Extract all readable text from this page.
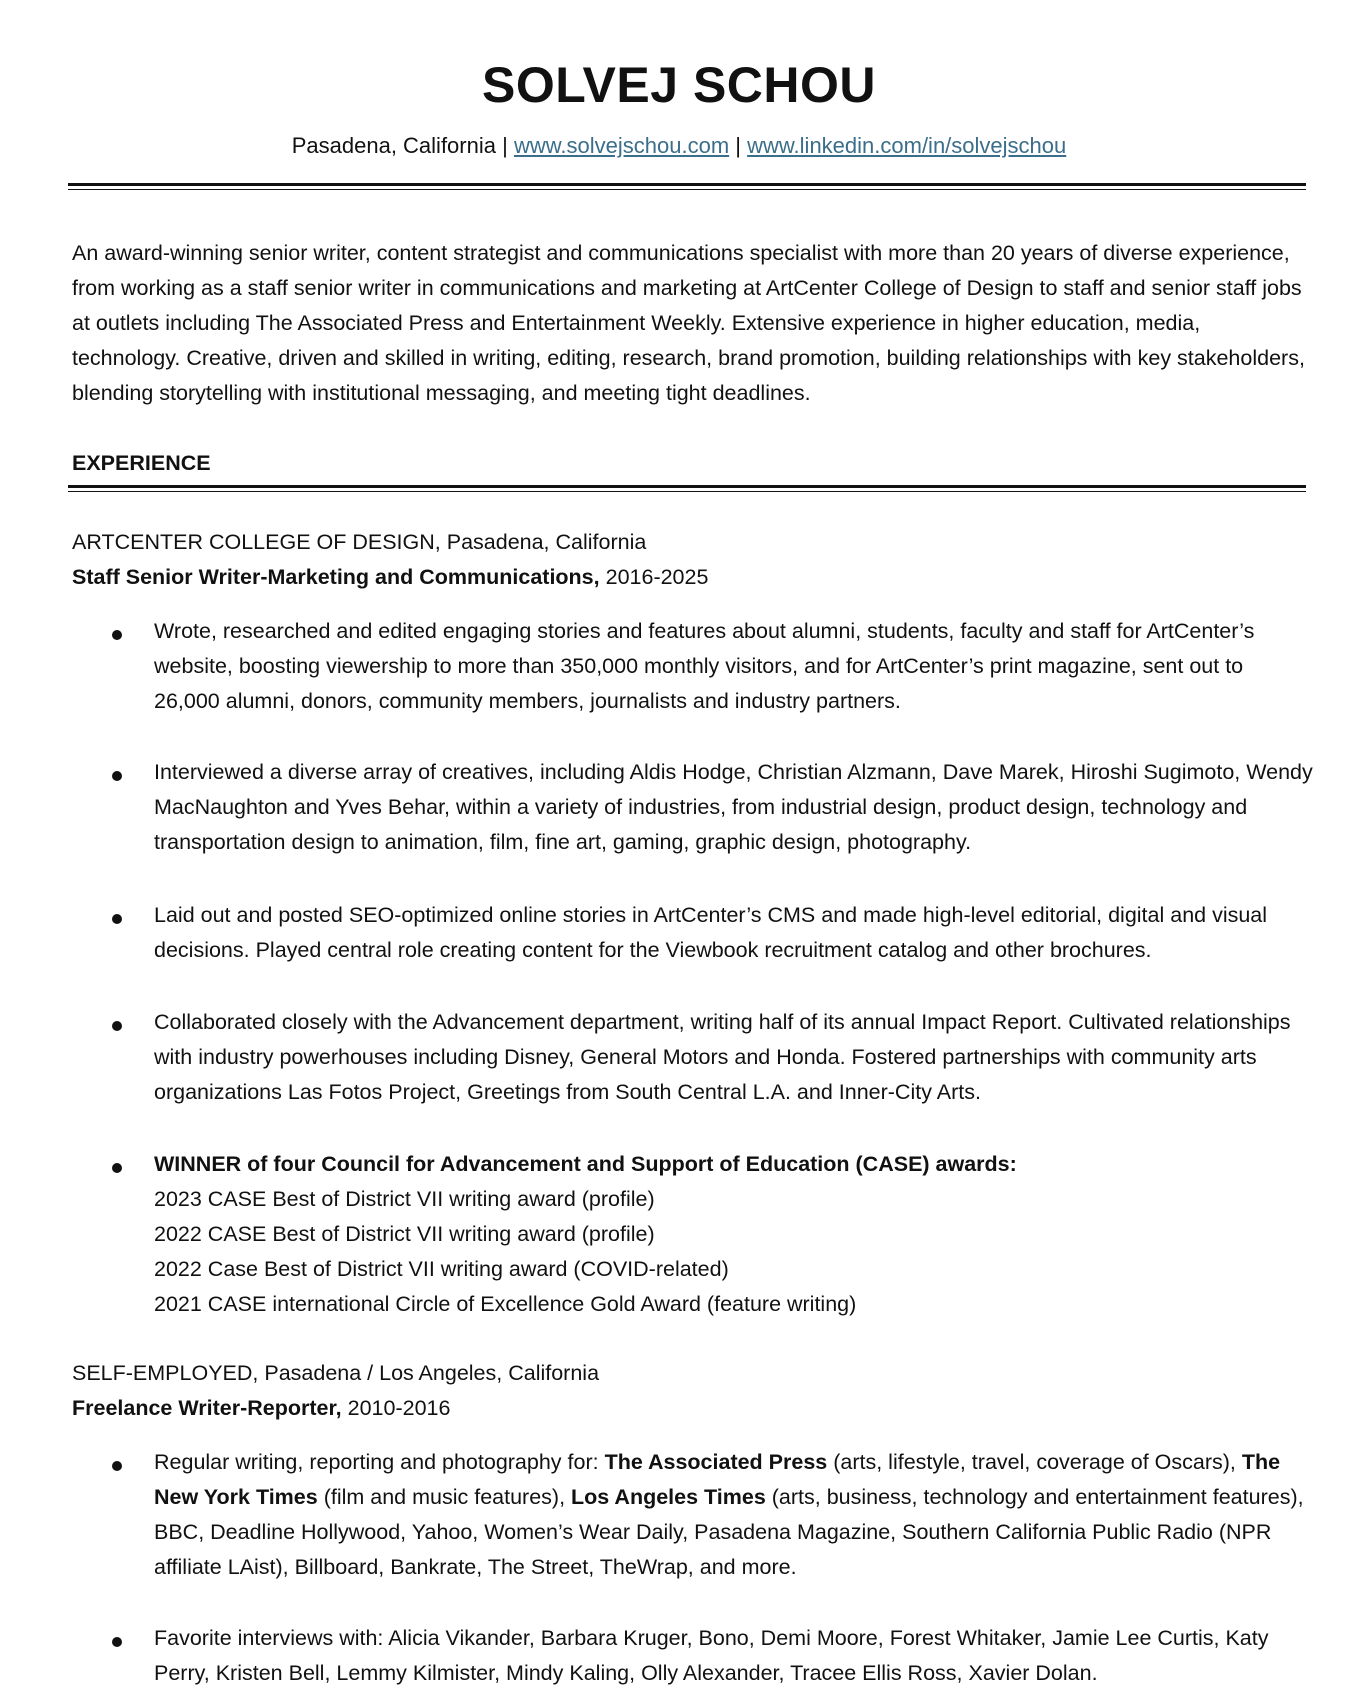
SOLVEJ SCHOU
Pasadena, California | www.solvejschou.com | www.linkedin.com/in/solvejschou

An award-winning senior writer, content strategist and communications specialist with more than 20 years of diverse experience, from working as a staff senior writer in communications and marketing at ArtCenter College of Design to staff and senior staff jobs at outlets including The Associated Press and Entertainment Weekly. Extensive experience in higher education, media, technology. Creative, driven and skilled in writing, editing, research, brand promotion, building relationships with key stakeholders, blending storytelling with institutional messaging, and meeting tight deadlines.

EXPERIENCE
ARTCENTER COLLEGE OF DESIGN, Pasadena, California
Staff Senior Writer-Marketing and Communications, 2016-2025

Wrote, researched and edited engaging stories and features about alumni, students, faculty and staff for ArtCenter’s website, boosting viewership to more than 350,000 monthly visitors, and for ArtCenter’s print magazine, sent out to 26,000 alumni, donors, community members, journalists and industry partners.

Interviewed a diverse array of creatives, including Aldis Hodge, Christian Alzmann, Dave Marek, Hiroshi Sugimoto, Wendy MacNaughton and Yves Behar, within a variety of industries, from industrial design, product design, technology and transportation design to animation, film, fine art, gaming, graphic design, photography.

Laid out and posted SEO-optimized online stories in ArtCenter’s CMS and made high-level editorial, digital and visual decisions. Played central role creating content for the Viewbook recruitment catalog and other brochures.

Collaborated closely with the Advancement department, writing half of its annual Impact Report. Cultivated relationships with industry powerhouses including Disney, General Motors and Honda. Fostered partnerships with community arts organizations Las Fotos Project, Greetings from South Central L.A. and Inner-City Arts.

WINNER of four Council for Advancement and Support of Education (CASE) awards:
2023 CASE Best of District VII writing award (profile)
2022 CASE Best of District VII writing award (profile)
2022 Case Best of District VII writing award (COVID-related)
2021 CASE international Circle of Excellence Gold Award (feature writing)
SELF-EMPLOYED, Pasadena / Los Angeles, California
Freelance Writer-Reporter, 2010-2016

Regular writing, reporting and photography for: The Associated Press (arts, lifestyle, travel, coverage of Oscars), The New York Times (film and music features), Los Angeles Times (arts, business, technology and entertainment features), BBC, Deadline Hollywood, Yahoo, Women’s Wear Daily, Pasadena Magazine, Southern California Public Radio (NPR affiliate LAist), Billboard, Bankrate, The Street, TheWrap, and more.

Favorite interviews with: Alicia Vikander, Barbara Kruger, Bono, Demi Moore, Forest Whitaker, Jamie Lee Curtis, Katy Perry, Kristen Bell, Lemmy Kilmister, Mindy Kaling, Olly Alexander, Tracee Ellis Ross, Xavier Dolan.
